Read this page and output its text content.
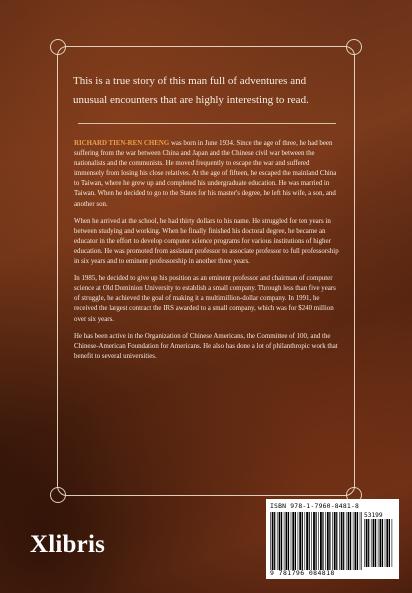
This is a true story of this man full of adventures and unusual encounters that are highly interesting to read.

RICHARD TIEN-REN CHENG was born in June 1934. Since the age of three, he had been suffering from the war between China and Japan and the Chinese civil war between the nationalists and the communists. He moved frequently to escape the war and suffered immensely from losing his close relatives. At the age of fifteen, he escaped the mainland China to Taiwan, where he grew up and completed his undergraduate education. He was married in Taiwan. When he decided to go to the States for his master's degree, he left his wife, a son, and another son.

When he arrived at the school, he had thirty dollars to his name. He struggled for ten years in between studying and working. When he finally finished his doctoral degree, he became an educator in the effort to develop computer science programs for various institutions of higher education. He was promoted from assistant professor to associate professor to full professorship in six years and to eminent professorship in another three years.

In 1985, he decided to give up his position as an eminent professor and chairman of computer science at Old Dominion University to establish a small company. Through less than five years of struggle, he achieved the goal of making it a multimillion-dollar company. In 1991, he received the largest contract the IRS awarded to a small company, which was for $240 million over six years.

He has been active in the Organization of Chinese Americans, the Committee of 100, and the Chinese-American Foundation for Americans. He also has done a lot of philanthropic work that benefit to several universities.

ISBN 978-1-7960-8481-8
53199
9 781796 084818
Xlibris
